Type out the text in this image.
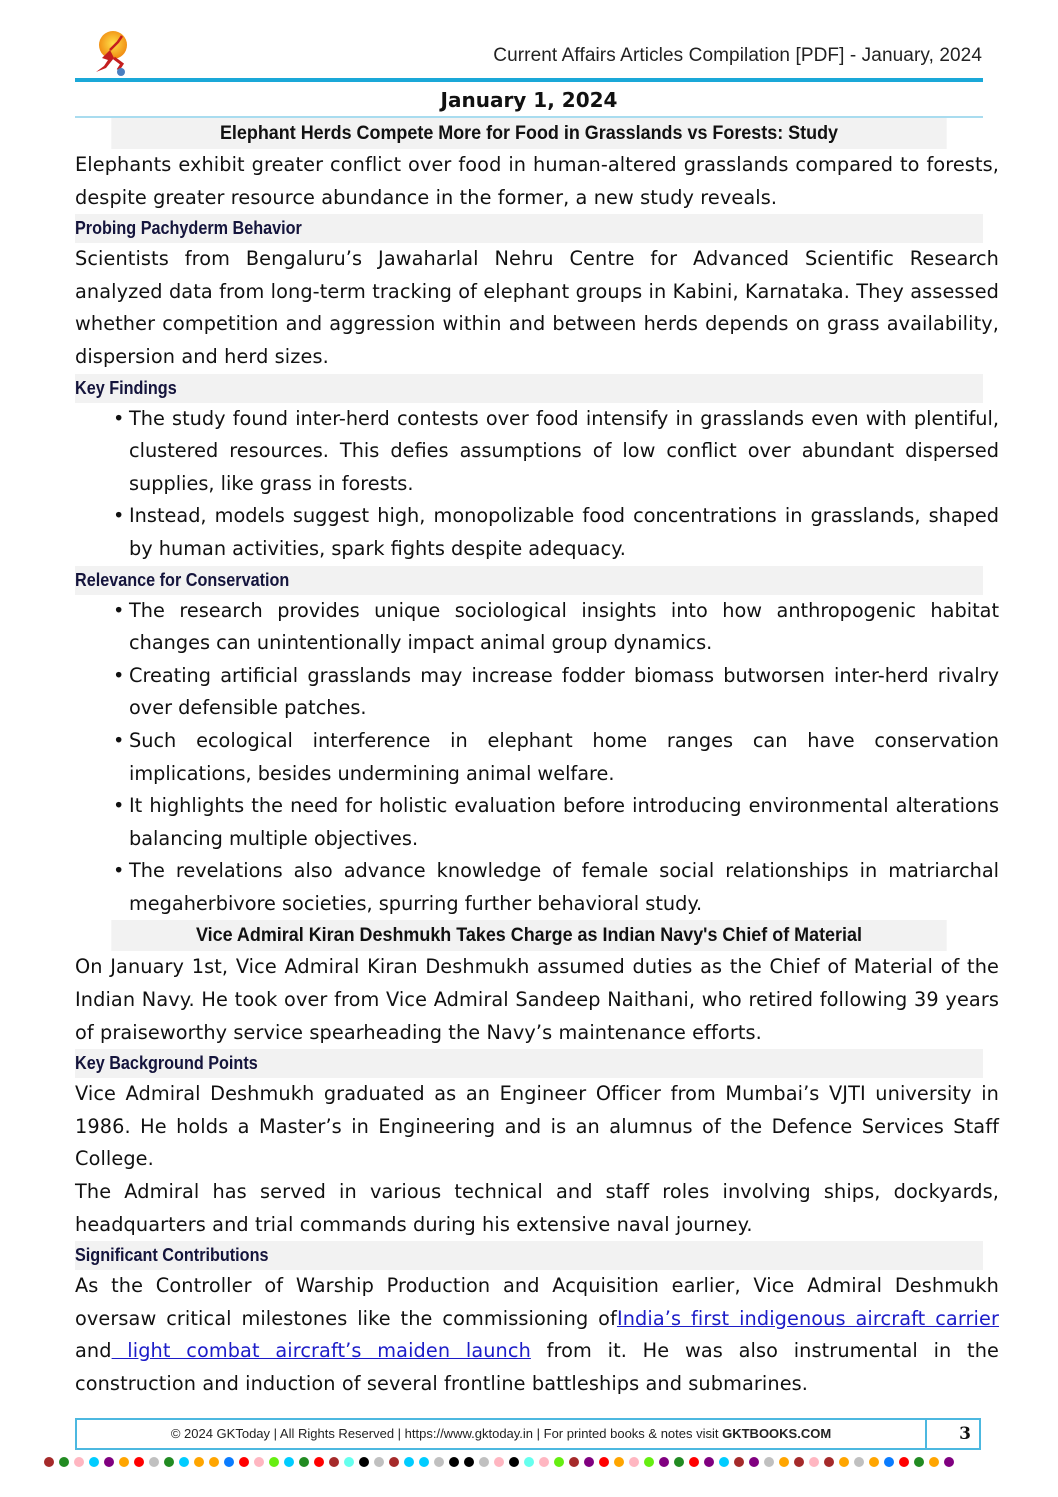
Current Affairs Articles Compilation [PDF] - January, 2024
January 1, 2024
Elephant Herds Compete More for Food in Grasslands vs Forests: Study

Elephants exhibit greater conflict over food in human-altered grasslands compared to forests, despite greater resource abundance in the former, a new study reveals.

Probing Pachyderm Behavior

Scientists from Bengaluru’s Jawaharlal Nehru Centre for Advanced Scientific Research analyzed data from long-term tracking of elephant groups in Kabini, Karnataka. They assessed whether competition and aggression within and between herds depends on grass availability, dispersion and herd sizes.

Key Findings
• The study found inter-herd contests over food intensify in grasslands even with plentiful, clustered resources. This defies assumptions of low conflict over abundant dispersed supplies, like grass in forests.
• Instead, models suggest high, monopolizable food concentrations in grasslands, shaped by human activities, spark fights despite adequacy.
Relevance for Conservation
• The research provides unique sociological insights into how anthropogenic habitat changes can unintentionally impact animal group dynamics.
• Creating artificial grasslands may increase fodder biomass butworsen inter-herd rivalry over defensible patches.
• Such ecological interference in elephant home ranges can have conservation implications, besides undermining animal welfare.
• It highlights the need for holistic evaluation before introducing environmental alterations balancing multiple objectives.
• The revelations also advance knowledge of female social relationships in matriarchal megaherbivore societies, spurring further behavioral study.
Vice Admiral Kiran Deshmukh Takes Charge as Indian Navy's Chief of Material

On January 1st, Vice Admiral Kiran Deshmukh assumed duties as the Chief of Material of the Indian Navy. He took over from Vice Admiral Sandeep Naithani, who retired following 39 years of praiseworthy service spearheading the Navy’s maintenance efforts.

Key Background Points

Vice Admiral Deshmukh graduated as an Engineer Officer from Mumbai’s VJTI university in 1986. He holds a Master’s in Engineering and is an alumnus of the Defence Services Staff College.

The Admiral has served in various technical and staff roles involving ships, dockyards, headquarters and trial commands during his extensive naval journey.

Significant Contributions

As the Controller of Warship Production and Acquisition earlier, Vice Admiral Deshmukh oversaw critical milestones like the commissioning ofIndia’s first indigenous aircraft carrier and light combat aircraft’s maiden launch from it. He was also instrumental in the construction and induction of several frontline battleships and submarines.

© 2024 GKToday | All Rights Reserved | https://www.gktoday.in | For printed books & notes visit GKTBOOKS.COM	3
